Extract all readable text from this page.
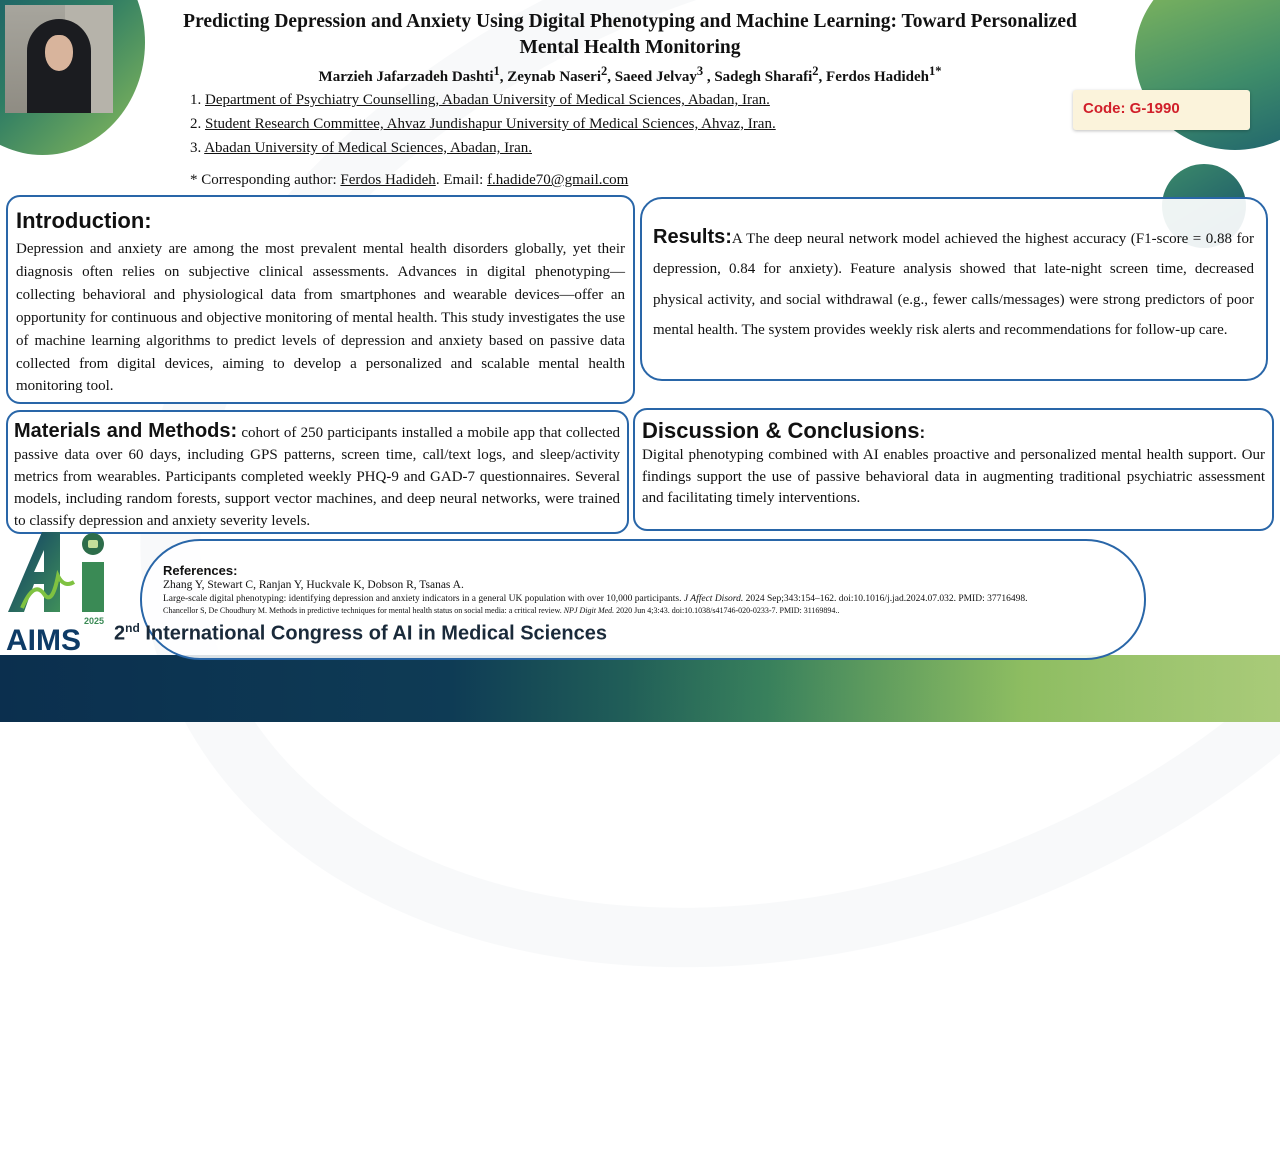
Predicting Depression and Anxiety Using Digital Phenotyping and Machine Learning: Toward Personalized Mental Health Monitoring
Marzieh Jafarzadeh Dashti$^1$, Zeynab Naseri$^2$, Saeed Jelvay$^3$ , Sadegh Sharafi$^2$, Ferdos Hadideh$^{1*}$
1. Department of Psychiatry Counselling, Abadan University of Medical Sciences, Abadan, Iran.
2. Student Research Committee, Ahvaz Jundishapur University of Medical Sciences, Ahvaz, Iran.
3. Abadan University of Medical Sciences, Abadan, Iran.
* Corresponding author: Ferdos Hadideh. Email: f.hadide70@gmail.com
Code: G-1990
Introduction:
Depression and anxiety are among the most prevalent mental health disorders globally, yet their diagnosis often relies on subjective clinical assessments. Advances in digital phenotyping—collecting behavioral and physiological data from smartphones and wearable devices—offer an opportunity for continuous and objective monitoring of mental health. This study investigates the use of machine learning algorithms to predict levels of depression and anxiety based on passive data collected from digital devices, aiming to develop a personalized and scalable mental health monitoring tool.
Results:A The deep neural network model achieved the highest accuracy (F1-score = 0.88 for depression, 0.84 for anxiety). Feature analysis showed that late-night screen time, decreased physical activity, and social withdrawal (e.g., fewer calls/messages) were strong predictors of poor mental health. The system provides weekly risk alerts and recommendations for follow-up care.
Materials and Methods: cohort of 250 participants installed a mobile app that collected passive data over 60 days, including GPS patterns, screen time, call/text logs, and sleep/activity metrics from wearables. Participants completed weekly PHQ-9 and GAD-7 questionnaires. Several models, including random forests, support vector machines, and deep neural networks, were trained to classify depression and anxiety severity levels.
Discussion & Conclusions:
Digital phenotyping combined with AI enables proactive and personalized mental health support. Our findings support the use of passive behavioral data in augmenting traditional psychiatric assessment and facilitating timely interventions.
References:
Zhang Y, Stewart C, Ranjan Y, Huckvale K, Dobson R, Tsanas A.
Large-scale digital phenotyping: identifying depression and anxiety indicators in a general UK population with over 10,000 participants. J Affect Disord. 2024 Sep;343:154–162. doi:10.1016/j.jad.2024.07.032. PMID: 37716498.
Chancellor S, De Choudhury M. Methods in predictive techniques for mental health status on social media: a critical review. NPJ Digit Med. 2020 Jun 4;3:43. doi:10.1038/s41746-020-0233-7. PMID: 31169894..
2025
AIMS 2nd International Congress of AI in Medical Sciences
